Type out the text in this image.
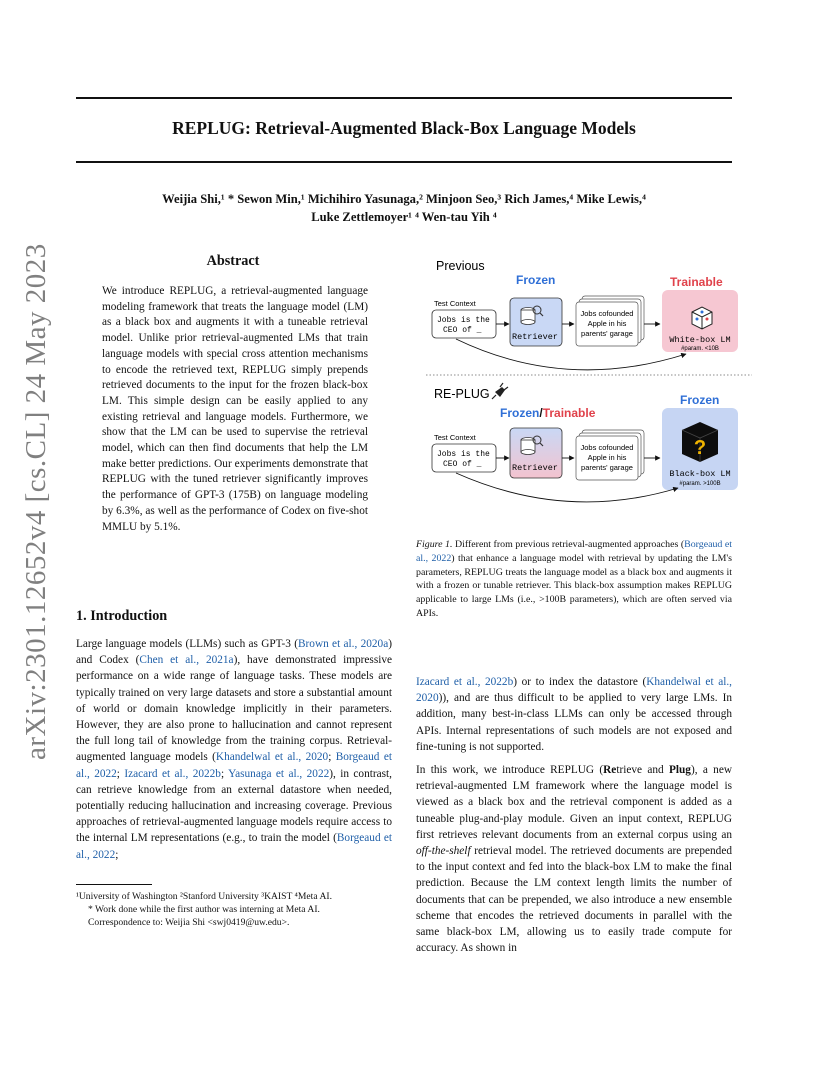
REPLUG: Retrieval-Augmented Black-Box Language Models
Weijia Shi,¹ * Sewon Min,¹ Michihiro Yasunaga,² Minjoon Seo,³ Rich James,⁴ Mike Lewis,⁴
Luke Zettlemoyer¹ ⁴ Wen-tau Yih ⁴
arXiv:2301.12652v4 [cs.CL] 24 May 2023	Abstract
We introduce REPLUG, a retrieval-augmented language modeling framework that treats the language model (LM) as a black box and augments it with a tuneable retrieval model. Unlike prior retrieval-augmented LMs that train language models with special cross attention mechanisms to encode the retrieved text, REPLUG simply prepends retrieved documents to the input for the frozen black-box LM. This simple design can be easily applied to any existing retrieval and language models. Furthermore, we show that the LM can be used to supervise the retrieval model, which can then find documents that help the LM make better predictions. Our experiments demonstrate that REPLUG with the tuned retriever significantly improves the performance of GPT-3 (175B) on language modeling by 6.3%, as well as the performance of Codex on five-shot MMLU by 5.1%.
1. Introduction
Large language models (LLMs) such as GPT-3 (Brown et al., 2020a) and Codex (Chen et al., 2021a), have demonstrated impressive performance on a wide range of language tasks. These models are typically trained on very large datasets and store a substantial amount of world or domain knowledge implicitly in their parameters. However, they are also prone to hallucination and cannot represent the full long tail of knowledge from the training corpus. Retrieval-augmented language models (Khandelwal et al., 2020; Borgeaud et al., 2022; Izacard et al., 2022b; Yasunaga et al., 2022), in contrast, can retrieve knowledge from an external datastore when needed, potentially reducing hallucination and increasing coverage. Previous approaches of retrieval-augmented language models require access to the internal LM representations (e.g., to train the model (Borgeaud et al., 2022;
¹University of Washington ²Stanford University ³KAIST ⁴Meta AI.
* Work done while the first author was interning at Meta AI.
Correspondence to: Weijia Shi <swj0419@uw.edu>.
Previous
Frozen	Trainable
Test Context
Jobs is the
CEO of _
Retriever
Jobs cofounded
Apple in his
parents' garage
White-box LM
#param. <10B
RE-PLUG
Frozen/Trainable
Frozen
Test Context
Jobs is the
CEO of _	Retriever
Jobs cofounded
Apple in his
parents' garage
?
Black-box LM
#param. >100B
Figure 1. Different from previous retrieval-augmented approaches (Borgeaud et al., 2022) that enhance a language model with retrieval by updating the LM's parameters, REPLUG treats the language model as a black box and augments it with a frozen or tunable retriever. This black-box assumption makes REPLUG applicable to large LMs (i.e., >100B parameters), which are often served via APIs.
Izacard et al., 2022b) or to index the datastore (Khandelwal et al., 2020)), and are thus difficult to be applied to very large LMs. In addition, many best-in-class LLMs can only be accessed through APIs. Internal representations of such models are not exposed and fine-tuning is not supported.
In this work, we introduce REPLUG (Retrieve and Plug), a new retrieval-augmented LM framework where the language model is viewed as a black box and the retrieval component is added as a tuneable plug-and-play module. Given an input context, REPLUG first retrieves relevant documents from an external corpus using an off-the-shelf retrieval model. The retrieved documents are prepended to the input context and fed into the black-box LM to make the final prediction. Because the LM context length limits the number of documents that can be prepended, we also introduce a new ensemble scheme that encodes the retrieved documents in parallel with the same black-box LM, allowing us to easily trade compute for accuracy. As shown in
